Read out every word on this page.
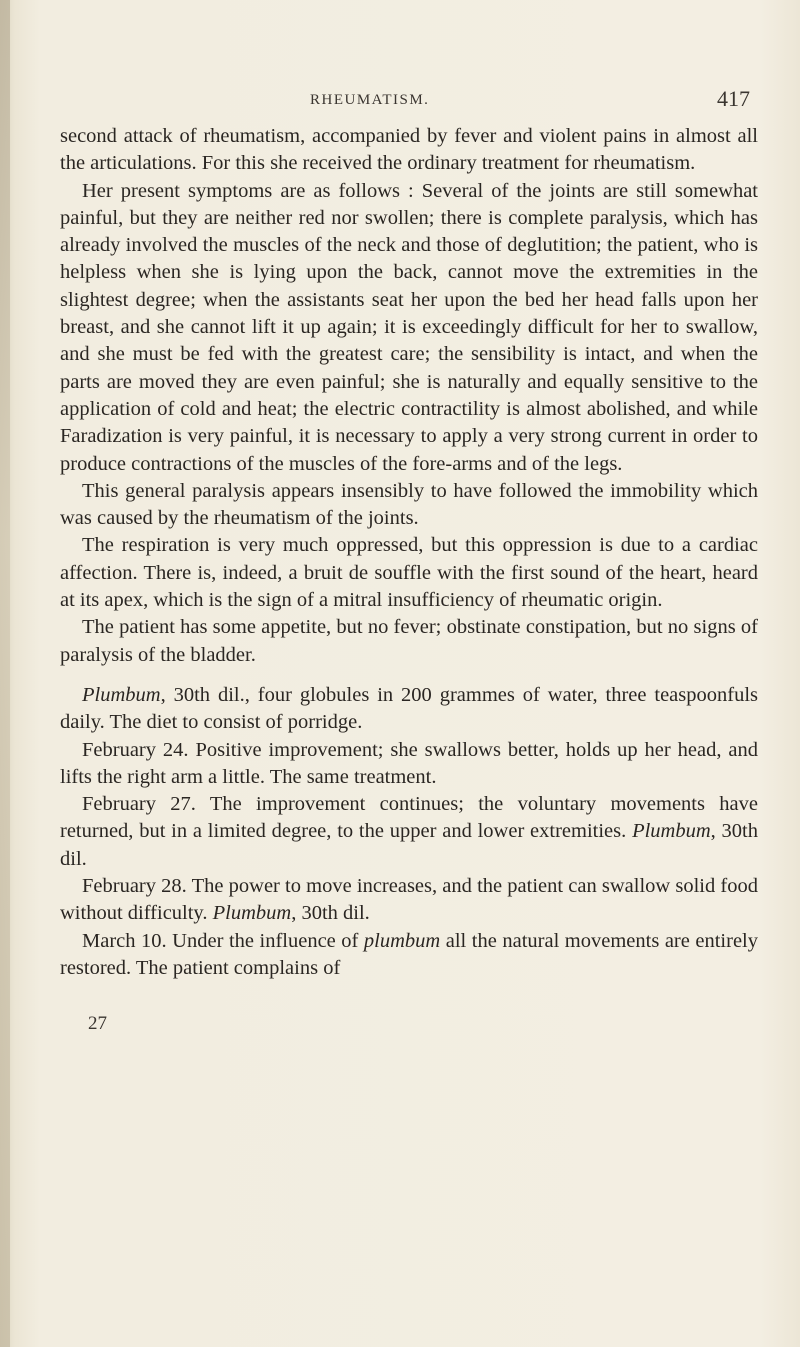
RHEUMATISM.	417

second attack of rheumatism, accompanied by fever and violent pains in almost all the articulations. For this she received the ordinary treatment for rheumatism.

Her present symptoms are as follows : Several of the joints are still somewhat painful, but they are neither red nor swollen; there is complete paralysis, which has already involved the muscles of the neck and those of deglutition; the patient, who is helpless when she is lying upon the back, cannot move the extremities in the slightest degree; when the assistants seat her upon the bed her head falls upon her breast, and she cannot lift it up again; it is exceedingly difficult for her to swallow, and she must be fed with the greatest care; the sensibility is intact, and when the parts are moved they are even painful; she is naturally and equally sensitive to the application of cold and heat; the electric contractility is almost abolished, and while Faradization is very painful, it is necessary to apply a very strong current in order to produce contractions of the muscles of the fore-arms and of the legs.

This general paralysis appears insensibly to have followed the immobility which was caused by the rheumatism of the joints.

The respiration is very much oppressed, but this oppression is due to a cardiac affection. There is, indeed, a bruit de souffle with the first sound of the heart, heard at its apex, which is the sign of a mitral insufficiency of rheumatic origin.

The patient has some appetite, but no fever; obstinate constipation, but no signs of paralysis of the bladder.

Plumbum, 30th dil., four globules in 200 grammes of water, three teaspoonfuls daily. The diet to consist of porridge.

February 24. Positive improvement; she swallows better, holds up her head, and lifts the right arm a little. The same treatment.

February 27. The improvement continues; the voluntary movements have returned, but in a limited degree, to the upper and lower extremities. Plumbum, 30th dil.

February 28. The power to move increases, and the patient can swallow solid food without difficulty. Plumbum, 30th dil.

March 10. Under the influence of plumbum all the natural movements are entirely restored. The patient complains of

27
